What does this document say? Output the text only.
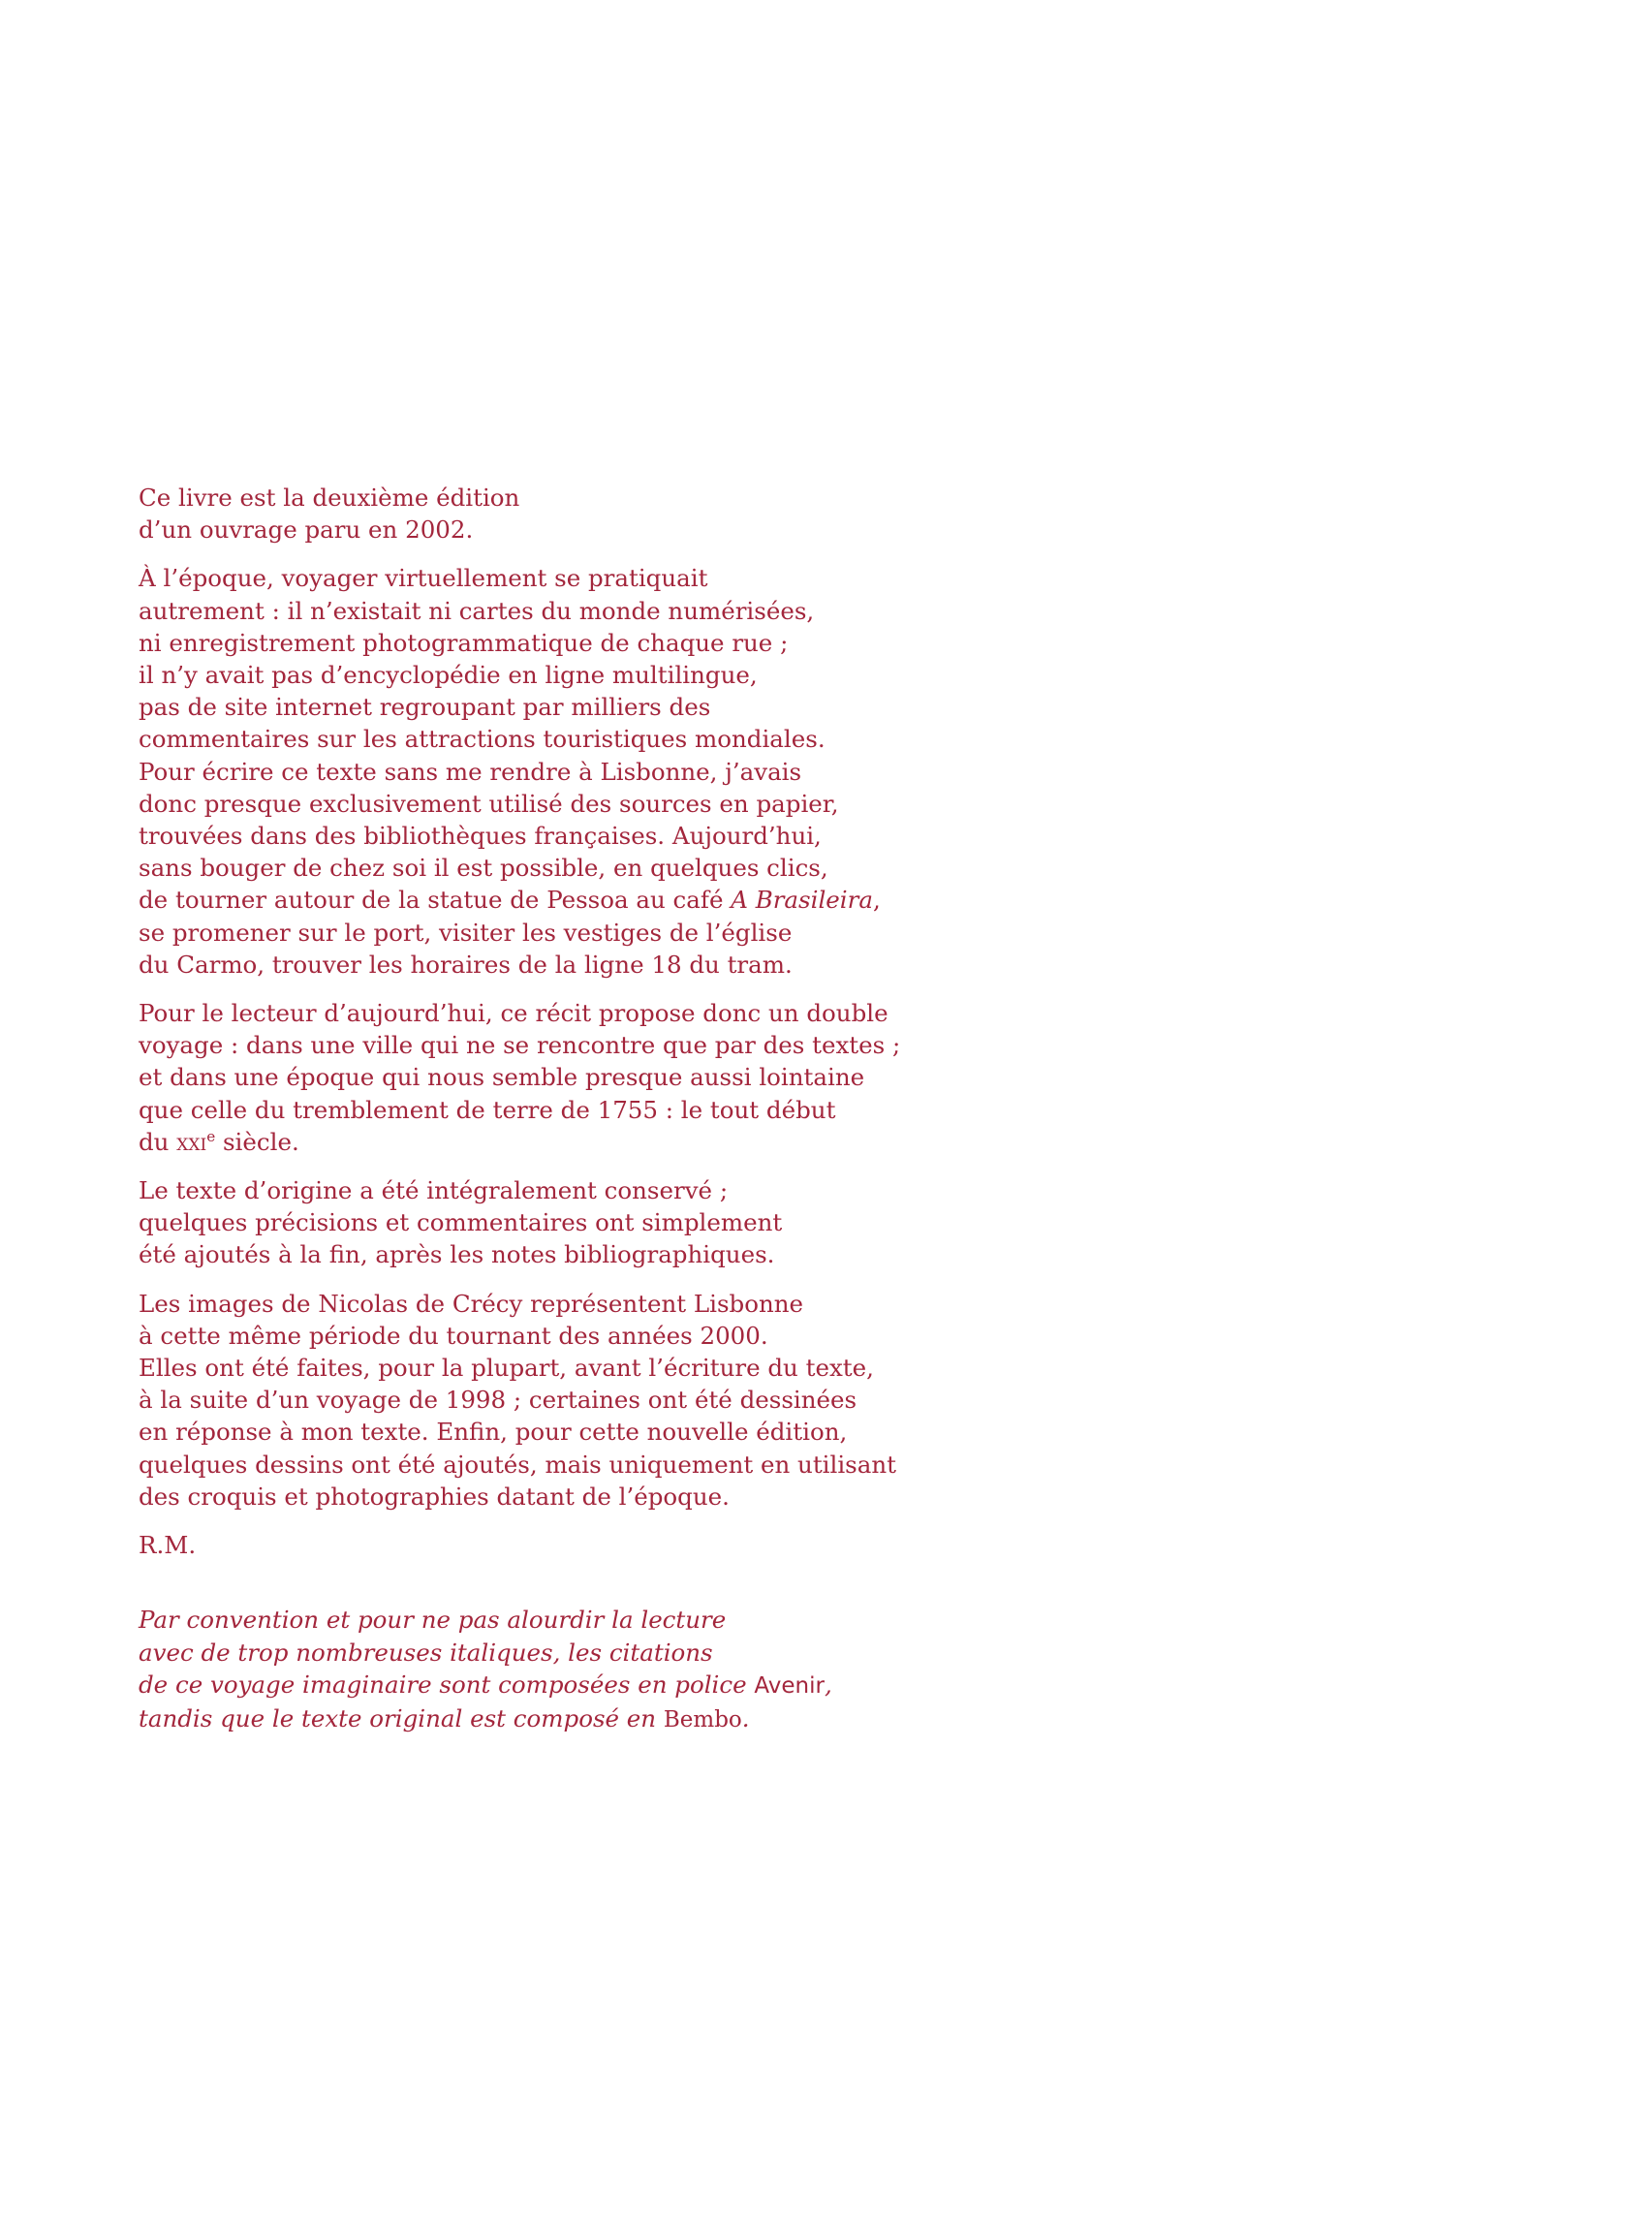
Ce livre est la deuxième édition
d’un ouvrage paru en 2002.

À l’époque, voyager virtuellement se pratiquait
autrement : il n’existait ni cartes du monde numérisées,
ni enregistrement photogrammatique de chaque rue ;
il n’y avait pas d’encyclopédie en ligne multilingue,
pas de site internet regroupant par milliers des
commentaires sur les attractions touristiques mondiales.
Pour écrire ce texte sans me rendre à Lisbonne, j’avais
donc presque exclusivement utilisé des sources en papier,
trouvées dans des bibliothèques françaises. Aujourd’hui,
sans bouger de chez soi il est possible, en quelques clics,
de tourner autour de la statue de Pessoa au café A Brasileira,
se promener sur le port, visiter les vestiges de l’église
du Carmo, trouver les horaires de la ligne 18 du tram.

Pour le lecteur d’aujourd’hui, ce récit propose donc un double
voyage : dans une ville qui ne se rencontre que par des textes ;
et dans une époque qui nous semble presque aussi lointaine
que celle du tremblement de terre de 1755 : le tout début
du xxi$^e$ siècle.

Le texte d’origine a été intégralement conservé ;
quelques précisions et commentaires ont simplement
été ajoutés à la fin, après les notes bibliographiques.

Les images de Nicolas de Crécy représentent Lisbonne
à cette même période du tournant des années 2000.
Elles ont été faites, pour la plupart, avant l’écriture du texte,
à la suite d’un voyage de 1998 ; certaines ont été dessinées
en réponse à mon texte. Enfin, pour cette nouvelle édition,
quelques dessins ont été ajoutés, mais uniquement en utilisant
des croquis et photographies datant de l’époque.

R.M.

Par convention et pour ne pas alourdir la lecture
avec de trop nombreuses italiques, les citations
de ce voyage imaginaire sont composées en police Avenir,
tandis que le texte original est composé en Bembo.
